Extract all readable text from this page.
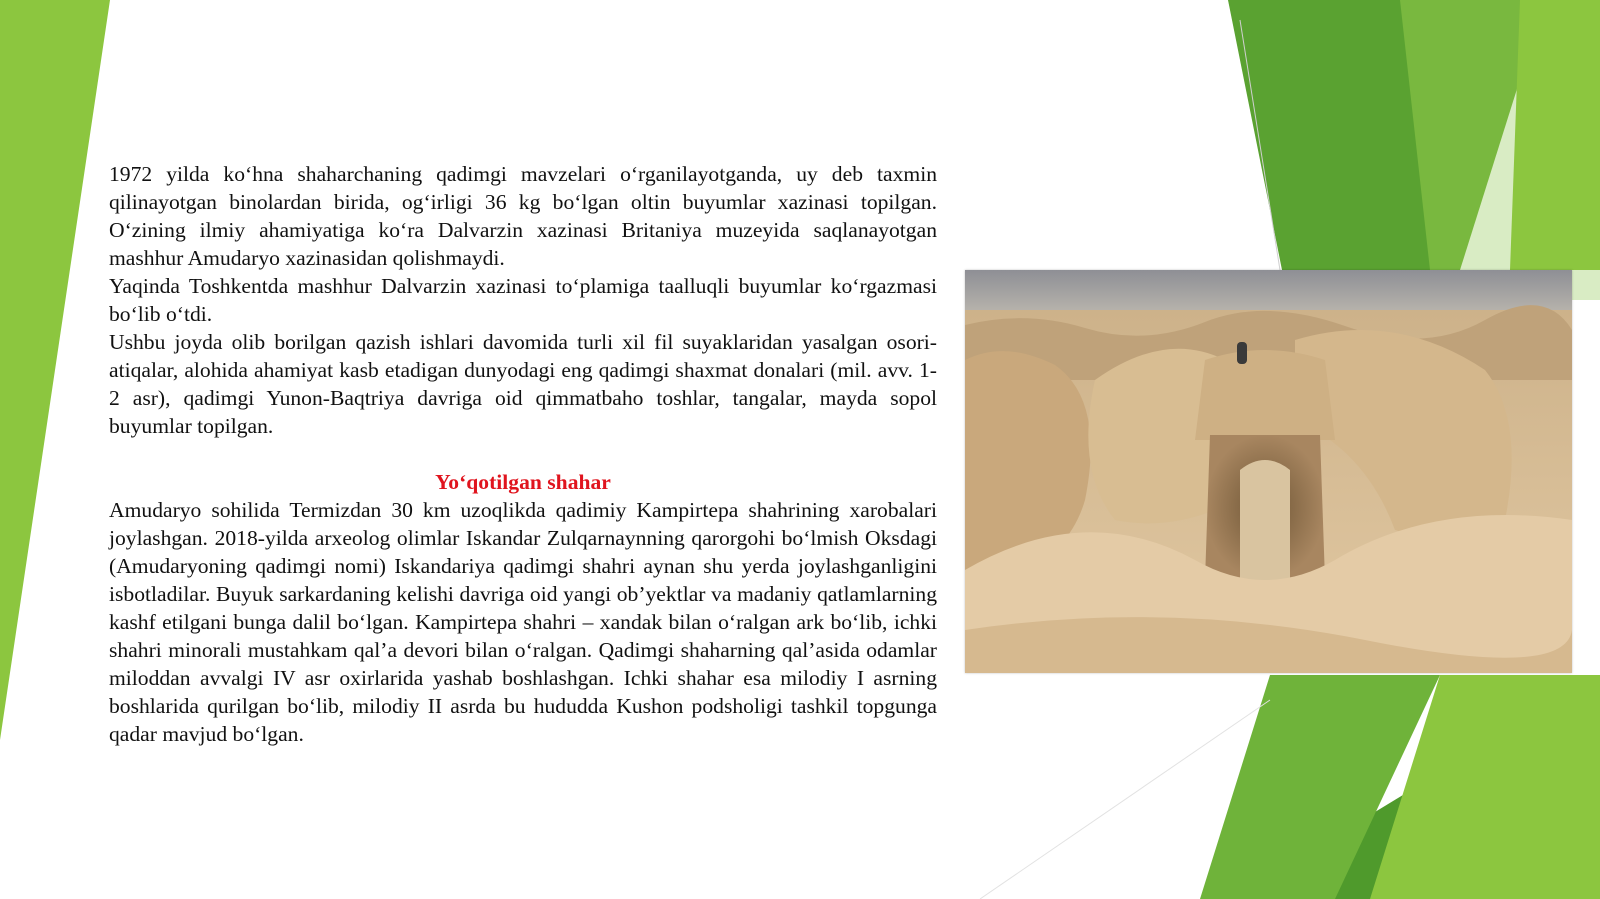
1972 yilda ko‘hna shaharchaning qadimgi mavzelari o‘rganilayotganda, uy deb taxmin qilinayotgan binolardan birida, og‘irligi 36 kg bo‘lgan oltin buyumlar xazinasi topilgan. O‘zining ilmiy ahamiyatiga ko‘ra Dalvarzin xazinasi Britaniya muzeyida saqlanayotgan mashhur Amudaryo xazinasidan qolishmaydi.

Yaqinda Toshkentda mashhur Dalvarzin xazinasi to‘plamiga taalluqli buyumlar ko‘rgazmasi bo‘lib o‘tdi.

Ushbu joyda olib borilgan qazish ishlari davomida turli xil fil suyaklaridan yasalgan osori-atiqalar, alohida ahamiyat kasb etadigan dunyodagi eng qadimgi shaxmat donalari (mil. avv. 1-2 asr), qadimgi Yunon-Baqtriya davriga oid qimmatbaho toshlar, tangalar, mayda sopol buyumlar topilgan.

Yo‘qotilgan shahar

Amudaryo sohilida Termizdan 30 km uzoqlikda qadimiy Kampirtepa shahrining xarobalari joylashgan. 2018-yilda arxeolog olimlar Iskandar Zulqarnaynning qarorgohi bo‘lmish Oksdagi (Amudaryoning qadimgi nomi) Iskandariya qadimgi shahri aynan shu yerda joylashganligini isbotladilar. Buyuk sarkardaning kelishi davriga oid yangi ob’yektlar va madaniy qatlamlarning kashf etilgani bunga dalil bo‘lgan. Kampirtepa shahri – xandak bilan o‘ralgan ark bo‘lib, ichki shahri minorali mustahkam qal’a devori bilan o‘ralgan. Qadimgi shaharning qal’asida odamlar miloddan avvalgi IV asr oxirlarida yashab boshlashgan. Ichki shahar esa milodiy I asrning boshlarida qurilgan bo‘lib, milodiy II asrda bu hududda Kushon podsholigi tashkil topgunga qadar mavjud bo‘lgan.
